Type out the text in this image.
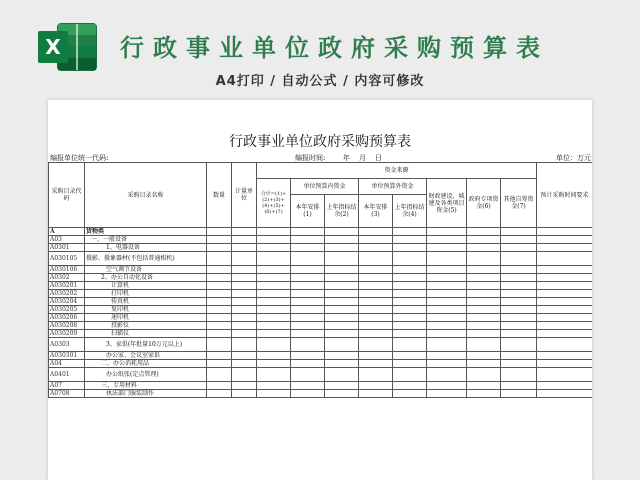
X 行政事业单位政府采购预算表
A4打印 / 自动公式 / 内容可修改
行政事业单位政府采购预算表
编报单位统一代码:	编报时间:	年 月 日	单位：万元
采购目录代码	采购目录名称	数量	计量单位	资金来源								预计采购时间要求
				合计=(1)+(2)+(3)+(4)+(5)+(6)+(7)	单位预算内资金		单位预算外资金		财政建设、城建及各类项目资金(5)	政府专项资金(6)	其他自筹资金(7)	
					本年安排(1)	上年指标结余(2)	本年安排(3)	上年指标结余(4)				
A	货物类											
A03	一、一般设备											
A0301	1、电器设备											
A030105	摄影、摄象器材(不包括普通相机)											
A030106	空气调节设备											
A0302	2、办公自动化设备											
A030201	计算机											
A030202	打印机											
A030204	传真机											
A030205	复印机											
A030206	速印机											
A030208	投影仪											
A030209	扫描仪											
A0303	3、家俱(年批量10万元以上)											
A030301	办公家、会议室家俱											
A04	二、办公消耗用品											
A0401	办公纸张(定点管理)											
A07	三、专用材料											
A0708	执法部门服装制作											
